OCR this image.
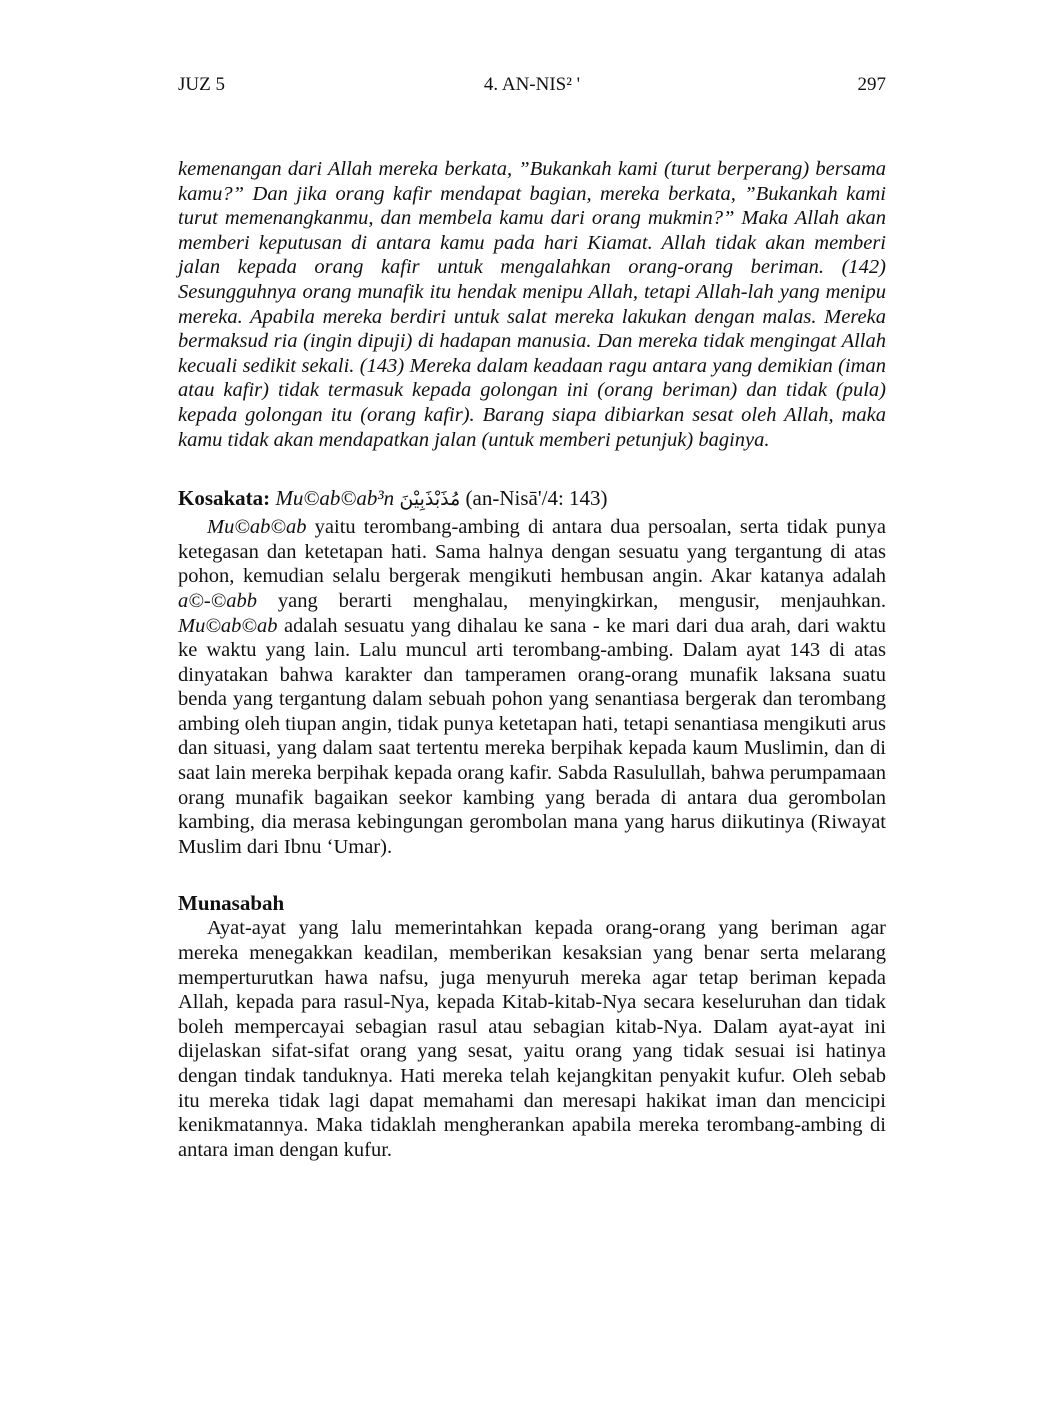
JUZ 5	4. AN-NIS² '	297

kemenangan dari Allah mereka berkata, ”Bukankah kami (turut berperang) bersama kamu?” Dan jika orang kafir mendapat bagian, mereka berkata, ”Bukankah kami turut memenangkanmu, dan membela kamu dari orang mukmin?” Maka Allah akan memberi keputusan di antara kamu pada hari Kiamat. Allah tidak akan memberi jalan kepada orang kafir untuk mengalahkan orang-orang beriman. (142) Sesungguhnya orang munafik itu hendak menipu Allah, tetapi Allah-lah yang menipu mereka. Apabila mereka berdiri untuk salat mereka lakukan dengan malas. Mereka bermaksud ria (ingin dipuji) di hadapan manusia. Dan mereka tidak mengingat Allah kecuali sedikit sekali. (143) Mereka dalam keadaan ragu antara yang demikian (iman atau kafir) tidak termasuk kepada golongan ini (orang beriman) dan tidak (pula) kepada golongan itu (orang kafir). Barang siapa dibiarkan sesat oleh Allah, maka kamu tidak akan mendapatkan jalan (untuk memberi petunjuk) baginya.

Kosakata: Mu©ab©ab³n مُذَبْذَبِيْنَ (an-Nisā'/4: 143)

Mu©ab©ab yaitu terombang-ambing di antara dua persoalan, serta tidak punya ketegasan dan ketetapan hati. Sama halnya dengan sesuatu yang tergantung di atas pohon, kemudian selalu bergerak mengikuti hembusan angin. Akar katanya adalah a©-©abb yang berarti menghalau, menyingkirkan, mengusir, menjauhkan. Mu©ab©ab adalah sesuatu yang dihalau ke sana - ke mari dari dua arah, dari waktu ke waktu yang lain. Lalu muncul arti terombang-ambing. Dalam ayat 143 di atas dinyatakan bahwa karakter dan tamperamen orang-orang munafik laksana suatu benda yang tergantung dalam sebuah pohon yang senantiasa bergerak dan terombang ambing oleh tiupan angin, tidak punya ketetapan hati, tetapi senantiasa mengikuti arus dan situasi, yang dalam saat tertentu mereka berpihak kepada kaum Muslimin, dan di saat lain mereka berpihak kepada orang kafir. Sabda Rasulullah, bahwa perumpamaan orang munafik bagaikan seekor kambing yang berada di antara dua gerombolan kambing, dia merasa kebingungan gerombolan mana yang harus diikutinya (Riwayat Muslim dari Ibnu ‘Umar).

Munasabah

Ayat-ayat yang lalu memerintahkan kepada orang-orang yang beriman agar mereka menegakkan keadilan, memberikan kesaksian yang benar serta melarang memperturutkan hawa nafsu, juga menyuruh mereka agar tetap beriman kepada Allah, kepada para rasul-Nya, kepada Kitab-kitab-Nya secara keseluruhan dan tidak boleh mempercayai sebagian rasul atau sebagian kitab-Nya. Dalam ayat-ayat ini dijelaskan sifat-sifat orang yang sesat, yaitu orang yang tidak sesuai isi hatinya dengan tindak tanduknya. Hati mereka telah kejangkitan penyakit kufur. Oleh sebab itu mereka tidak lagi dapat memahami dan meresapi hakikat iman dan mencicipi kenikmatannya. Maka tidaklah mengherankan apabila mereka terombang-ambing di antara iman dengan kufur.
